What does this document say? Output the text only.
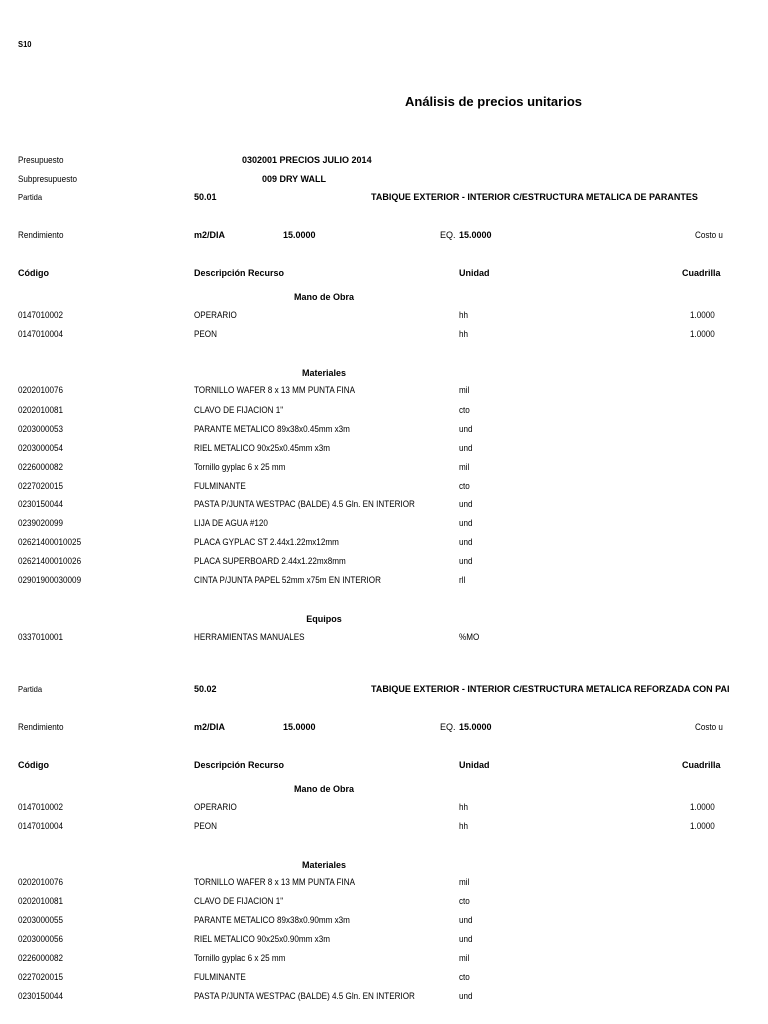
S10
Análisis de precios unitarios
Presupuesto	0302001 PRECIOS JULIO 2014
Subpresupuesto	009 DRY WALL
Partida	50.01	TABIQUE EXTERIOR - INTERIOR C/ESTRUCTURA METALICA DE PARANTES
Rendimiento	m2/DIA	15.0000	EQ. 15.0000	Costo u
Código	Descripción Recurso	Unidad	Cuadrilla
Mano de Obra
0147010002	OPERARIO	hh	1.0000
0147010004	PEON	hh	1.0000
Materiales
0202010076	TORNILLO WAFER 8 x 13 MM PUNTA FINA	mil
0202010081	CLAVO DE FIJACION 1"	cto
0203000053	PARANTE METALICO 89x38x0.45mm x3m	und
0203000054	RIEL METALICO 90x25x0.45mm x3m	und
0226000082	Tornillo gyplac 6 x 25 mm	mil
0227020015	FULMINANTE	cto
0230150044	PASTA P/JUNTA WESTPAC (BALDE) 4.5 Gln. EN INTERIOR	und
0239020099	LIJA DE AGUA #120	und
02621400010025	PLACA GYPLAC ST 2.44x1.22mx12mm	und
02621400010026	PLACA SUPERBOARD 2.44x1.22mx8mm	und
02901900030009	CINTA P/JUNTA PAPEL 52mm x75m EN INTERIOR	rll
Equipos
0337010001	HERRAMIENTAS MANUALES	%MO
Partida	50.02	TABIQUE EXTERIOR - INTERIOR C/ESTRUCTURA METALICA REFORZADA CON PAI
Rendimiento	m2/DIA	15.0000	EQ. 15.0000	Costo u
Código	Descripción Recurso	Unidad	Cuadrilla
Mano de Obra
0147010002	OPERARIO	hh	1.0000
0147010004	PEON	hh	1.0000
Materiales
0202010076	TORNILLO WAFER 8 x 13 MM PUNTA FINA	mil
0202010081	CLAVO DE FIJACION 1"	cto
0203000055	PARANTE METALICO 89x38x0.90mm x3m	und
0203000056	RIEL METALICO 90x25x0.90mm x3m	und
0226000082	Tornillo gyplac 6 x 25 mm	mil
0227020015	FULMINANTE	cto
0230150044	PASTA P/JUNTA WESTPAC (BALDE) 4.5 Gln. EN INTERIOR	und
